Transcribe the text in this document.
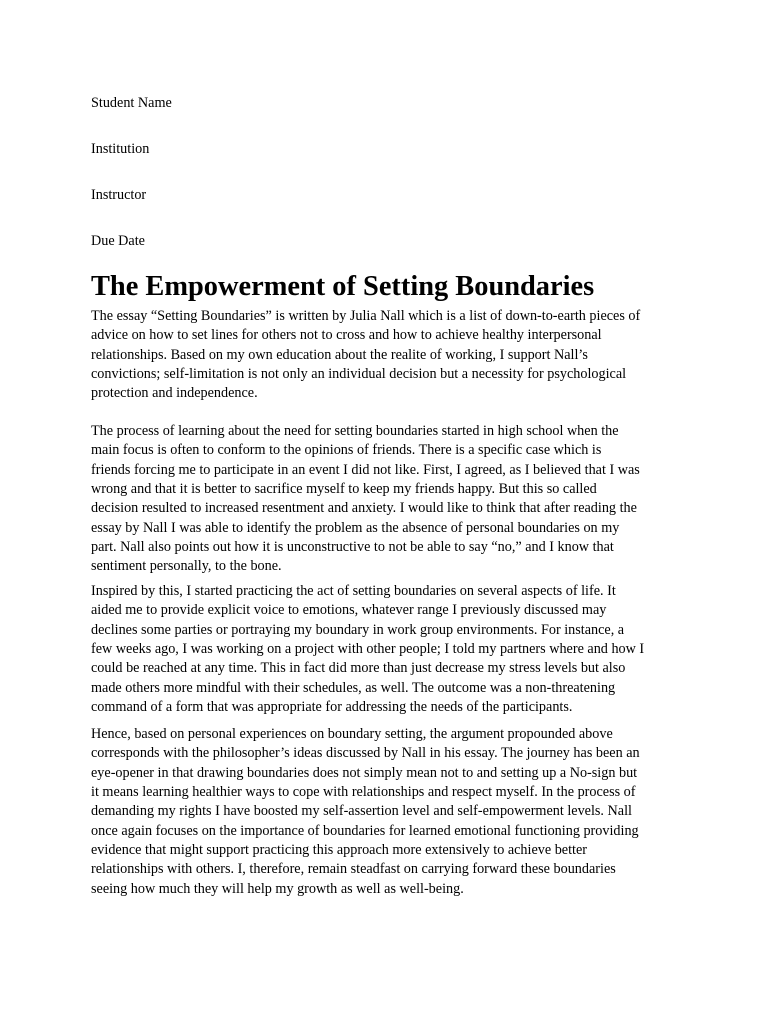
Student Name

Institution

Instructor

Due Date

The Empowerment of Setting Boundaries
The essay “Setting Boundaries” is written by Julia Nall which is a list of down-to-earth pieces of
advice on how to set lines for others not to cross and how to achieve healthy interpersonal
relationships. Based on my own education about the realite of working, I support Nall’s
convictions; self-limitation is not only an individual decision but a necessity for psychological
protection and independence.
The process of learning about the need for setting boundaries started in high school when the
main focus is often to conform to the opinions of friends. There is a specific case which is
friends forcing me to participate in an event I did not like. First, I agreed, as I believed that I was
wrong and that it is better to sacrifice myself to keep my friends happy. But this so called
decision resulted to increased resentment and anxiety. I would like to think that after reading the
essay by Nall I was able to identify the problem as the absence of personal boundaries on my
part. Nall also points out how it is unconstructive to not be able to say “no,” and I know that
sentiment personally, to the bone.
Inspired by this, I started practicing the act of setting boundaries on several aspects of life. It
aided me to provide explicit voice to emotions, whatever range I previously discussed may
declines some parties or portraying my boundary in work group environments. For instance, a
few weeks ago, I was working on a project with other people; I told my partners where and how I
could be reached at any time. This in fact did more than just decrease my stress levels but also
made others more mindful with their schedules, as well. The outcome was a non-threatening
command of a form that was appropriate for addressing the needs of the participants.
Hence, based on personal experiences on boundary setting, the argument propounded above
corresponds with the philosopher’s ideas discussed by Nall in his essay. The journey has been an
eye-opener in that drawing boundaries does not simply mean not to and setting up a No-sign but
it means learning healthier ways to cope with relationships and respect myself. In the process of
demanding my rights I have boosted my self-assertion level and self-empowerment levels. Nall
once again focuses on the importance of boundaries for learned emotional functioning providing
evidence that might support practicing this approach more extensively to achieve better
relationships with others. I, therefore, remain steadfast on carrying forward these boundaries
seeing how much they will help my growth as well as well-being.
